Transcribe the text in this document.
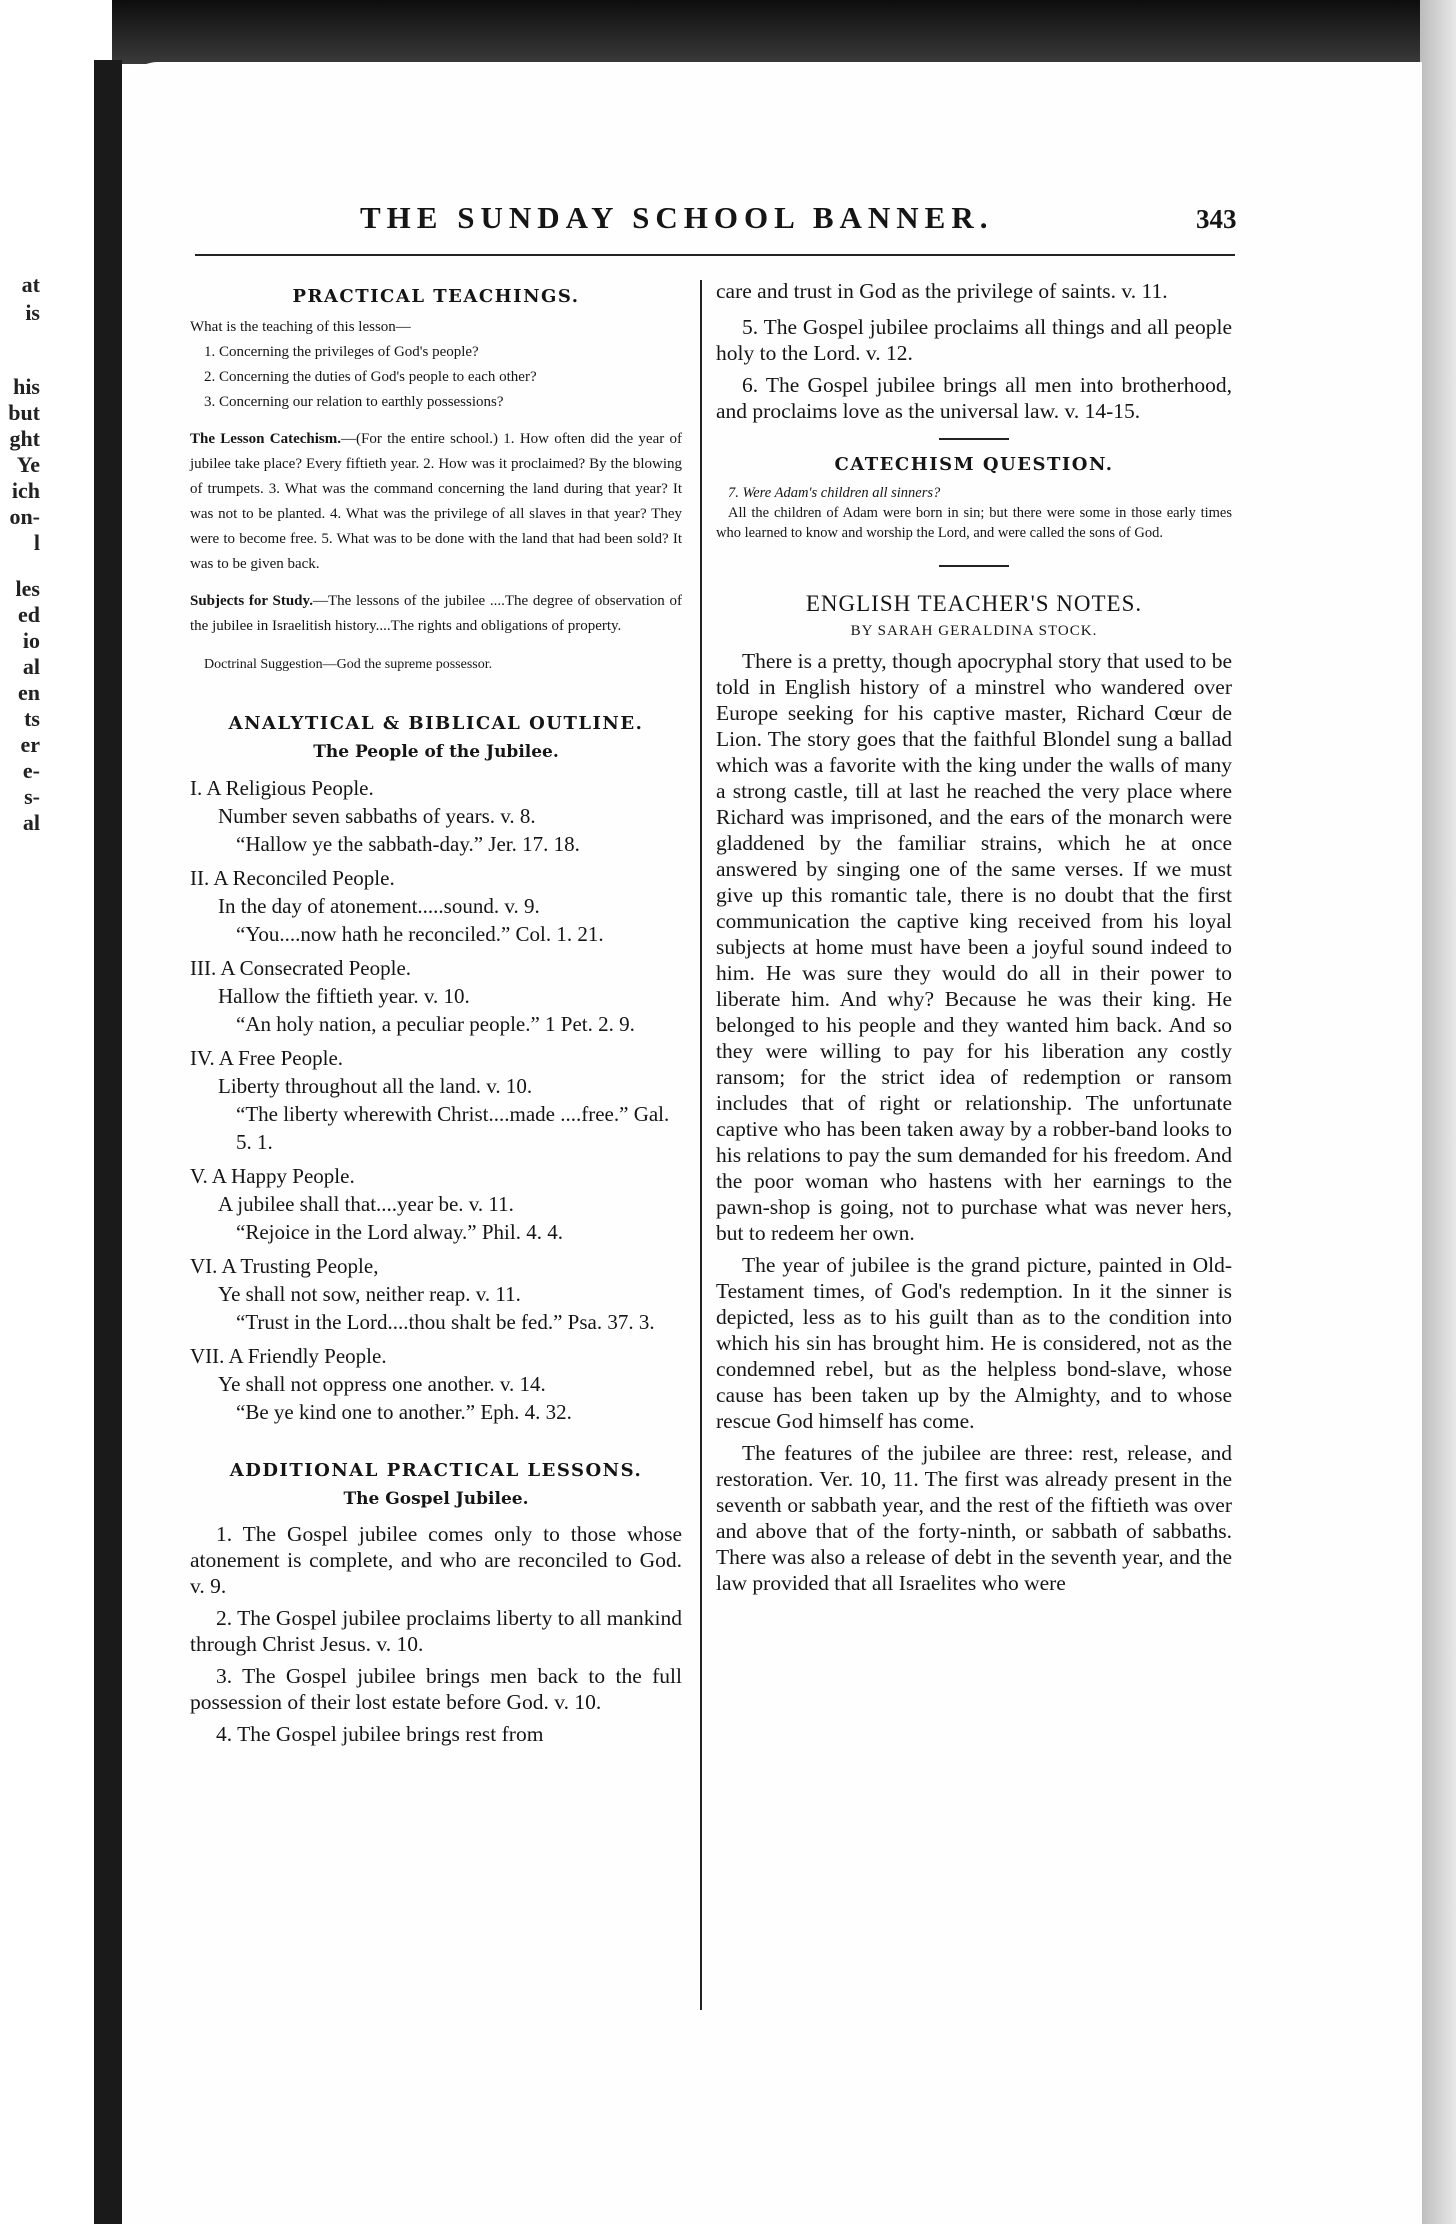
at
is
his
but
ght
Ye
ich
on-
l
les
ed
io
al
en
ts
er
e-
s-
al
THE SUNDAY SCHOOL BANNER.	343
PRACTICAL TEACHINGS.

What is the teaching of this lesson—

1. Concerning the privileges of God's people?

2. Concerning the duties of God's people to each other?

3. Concerning our relation to earthly possessions?

The Lesson Catechism.—(For the entire school.) 1. How often did the year of jubilee take place? Every fiftieth year. 2. How was it proclaimed? By the blowing of trumpets. 3. What was the command concerning the land during that year? It was not to be planted. 4. What was the privilege of all slaves in that year? They were to become free. 5. What was to be done with the land that had been sold? It was to be given back.

Subjects for Study.—The lessons of the jubilee ....The degree of observation of the jubilee in Israelitish history....The rights and obligations of property.

Doctrinal Suggestion—God the supreme possessor.
ANALYTICAL & BIBLICAL OUTLINE.
The People of the Jubilee.
I. A Religious People.
Number seven sabbaths of years. v. 8.
“Hallow ye the sabbath-day.” Jer. 17. 18.
II. A Reconciled People.
In the day of atonement.....sound. v. 9.
“You....now hath he reconciled.” Col. 1. 21.
III. A Consecrated People.
Hallow the fiftieth year. v. 10.
“An holy nation, a peculiar people.” 1 Pet. 2. 9.
IV. A Free People.
Liberty throughout all the land. v. 10.
“The liberty wherewith Christ....made ....free.” Gal. 5. 1.
V. A Happy People.
A jubilee shall that....year be. v. 11.
“Rejoice in the Lord alway.” Phil. 4. 4.
VI. A Trusting People,
Ye shall not sow, neither reap. v. 11.
“Trust in the Lord....thou shalt be fed.” Psa. 37. 3.
VII. A Friendly People.
Ye shall not oppress one another. v. 14.
“Be ye kind one to another.” Eph. 4. 32.
ADDITIONAL PRACTICAL LESSONS.
The Gospel Jubilee.

1. The Gospel jubilee comes only to those whose atonement is complete, and who are reconciled to God. v. 9.

2. The Gospel jubilee proclaims liberty to all mankind through Christ Jesus. v. 10.

3. The Gospel jubilee brings men back to the full possession of their lost estate before God. v. 10.

4. The Gospel jubilee brings rest from

care and trust in God as the privilege of saints. v. 11.

5. The Gospel jubilee proclaims all things and all people holy to the Lord. v. 12.

6. The Gospel jubilee brings all men into brotherhood, and proclaims love as the universal law. v. 14-15.

CATECHISM QUESTION.

7. Were Adam's children all sinners?

All the children of Adam were born in sin; but there were some in those early times who learned to know and worship the Lord, and were called the sons of God.

ENGLISH TEACHER'S NOTES.
BY SARAH GERALDINA STOCK.

There is a pretty, though apocryphal story that used to be told in English history of a minstrel who wandered over Europe seeking for his captive master, Richard Cœur de Lion. The story goes that the faithful Blondel sung a ballad which was a favorite with the king under the walls of many a strong castle, till at last he reached the very place where Richard was imprisoned, and the ears of the monarch were gladdened by the familiar strains, which he at once answered by singing one of the same verses. If we must give up this romantic tale, there is no doubt that the first communication the captive king received from his loyal subjects at home must have been a joyful sound indeed to him. He was sure they would do all in their power to liberate him. And why? Because he was their king. He belonged to his people and they wanted him back. And so they were willing to pay for his liberation any costly ransom; for the strict idea of redemption or ransom includes that of right or relationship. The unfortunate captive who has been taken away by a robber-band looks to his relations to pay the sum demanded for his freedom. And the poor woman who hastens with her earnings to the pawn-shop is going, not to purchase what was never hers, but to redeem her own.

The year of jubilee is the grand picture, painted in Old-Testament times, of God's redemption. In it the sinner is depicted, less as to his guilt than as to the condition into which his sin has brought him. He is considered, not as the condemned rebel, but as the helpless bond-slave, whose cause has been taken up by the Almighty, and to whose rescue God himself has come.

The features of the jubilee are three: rest, release, and restoration. Ver. 10, 11. The first was already present in the seventh or sabbath year, and the rest of the fiftieth was over and above that of the forty-ninth, or sabbath of sabbaths. There was also a release of debt in the seventh year, and the law provided that all Israelites who were
